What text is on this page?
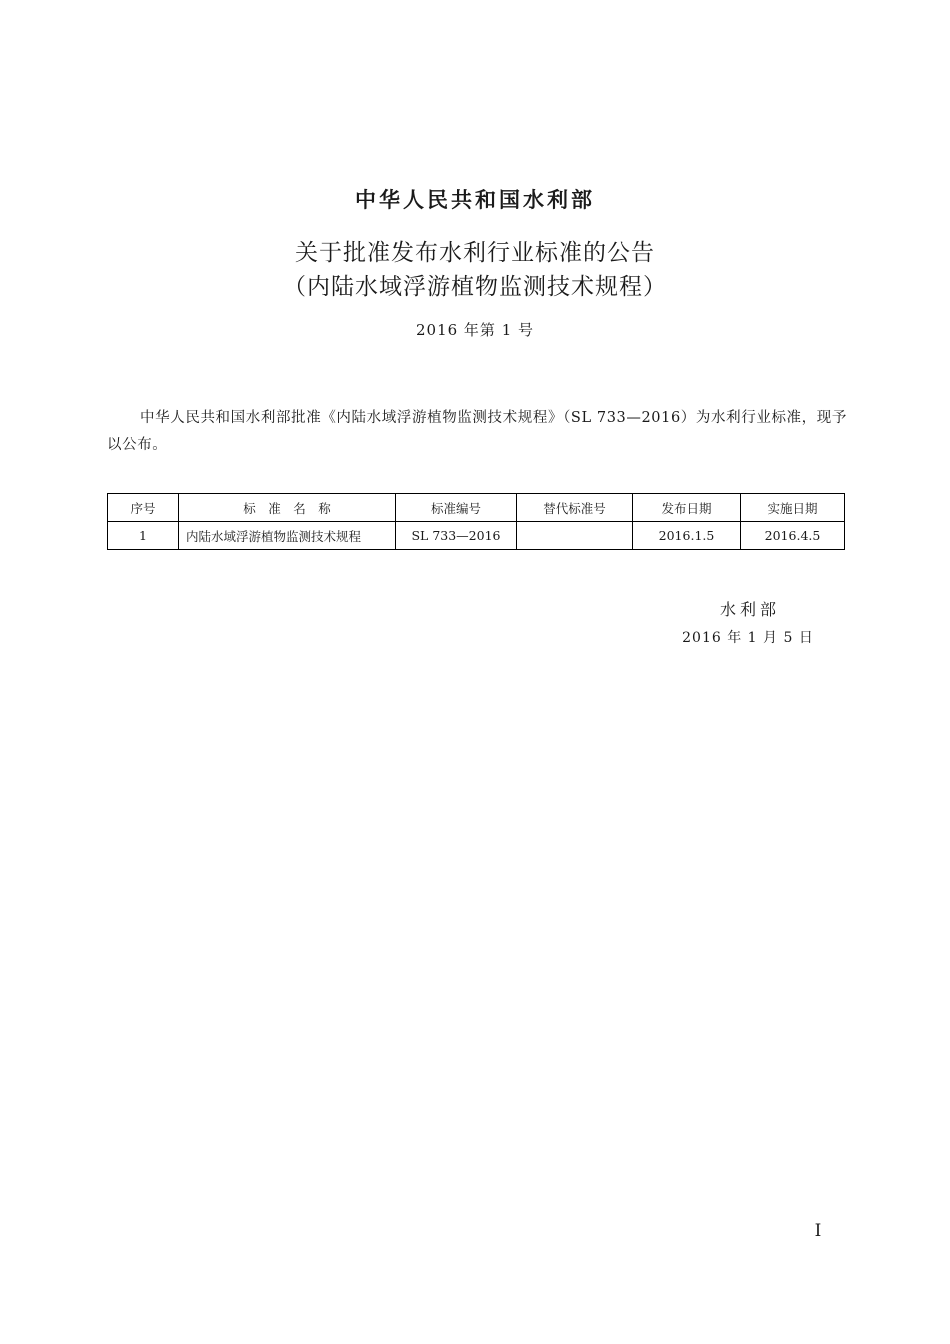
中华人民共和国水利部
关于批准发布水利行业标准的公告
（内陆水域浮游植物监测技术规程）
2016 年第 1 号

中华人民共和国水利部批准《内陆水域浮游植物监测技术规程》（SL 733—2016）为水利行业标准，现予以公布。

序号	标　准　名　称	标准编号	替代标准号	发布日期	实施日期
1	内陆水域浮游植物监测技术规程	SL 733—2016		2016.1.5	2016.4.5
水利部
2016 年 1 月 5 日
I
